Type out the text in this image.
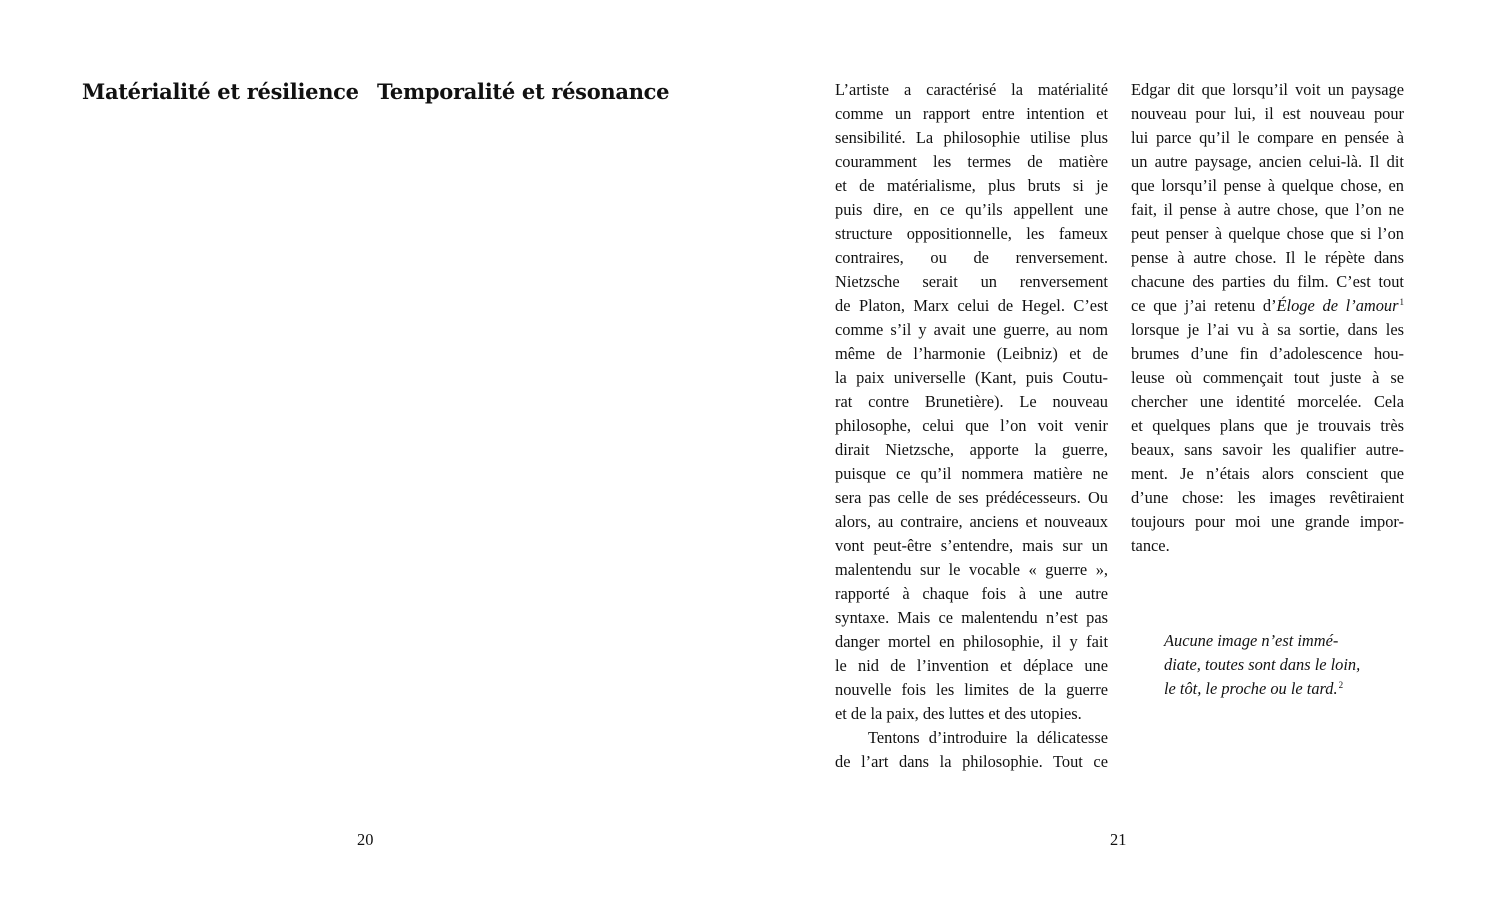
Matérialité et résilience Temporalité et résonance
20
L’artiste a caractérisé la matérialité
comme un rapport entre intention et
sensibilité. La philosophie utilise plus
couramment les termes de matière
et de matérialisme, plus bruts si je
puis dire, en ce qu’ils appellent une
structure oppositionnelle, les fameux
contraires, ou de renversement.
Nietzsche serait un renversement
de Platon, Marx celui de Hegel. C’est
comme s’il y avait une guerre, au nom
même de l’harmonie (Leibniz) et de
la paix universelle (Kant, puis Coutu-
rat contre Brunetière). Le nouveau
philosophe, celui que l’on voit venir
dirait Nietzsche, apporte la guerre,
puisque ce qu’il nommera matière ne
sera pas celle de ses prédécesseurs. Ou
alors, au contraire, anciens et nouveaux
vont peut-être s’entendre, mais sur un
malentendu sur le vocable « guerre »,
rapporté à chaque fois à une autre
syntaxe. Mais ce malentendu n’est pas
danger mortel en philosophie, il y fait
le nid de l’invention et déplace une
nouvelle fois les limites de la guerre
et de la paix, des luttes et des utopies.
Tentons d’introduire la délicatesse
de l’art dans la philosophie. Tout ce
Edgar dit que lorsqu’il voit un paysage
nouveau pour lui, il est nouveau pour
lui parce qu’il le compare en pensée à
un autre paysage, ancien celui-là. Il dit
que lorsqu’il pense à quelque chose, en
fait, il pense à autre chose, que l’on ne
peut penser à quelque chose que si l’on
pense à autre chose. Il le répète dans
chacune des parties du film. C’est tout
ce que j’ai retenu d’Éloge de l’amour$^1$
lorsque je l’ai vu à sa sortie, dans les
brumes d’une fin d’adolescence hou-
leuse où commençait tout juste à se
chercher une identité morcelée. Cela
et quelques plans que je trouvais très
beaux, sans savoir les qualifier autre-
ment. Je n’étais alors conscient que
d’une chose: les images revêtiraient
toujours pour moi une grande impor-
tance.
Aucune image n’est immé-
diate, toutes sont dans le loin,
le tôt, le proche ou le tard.$^2$
21
